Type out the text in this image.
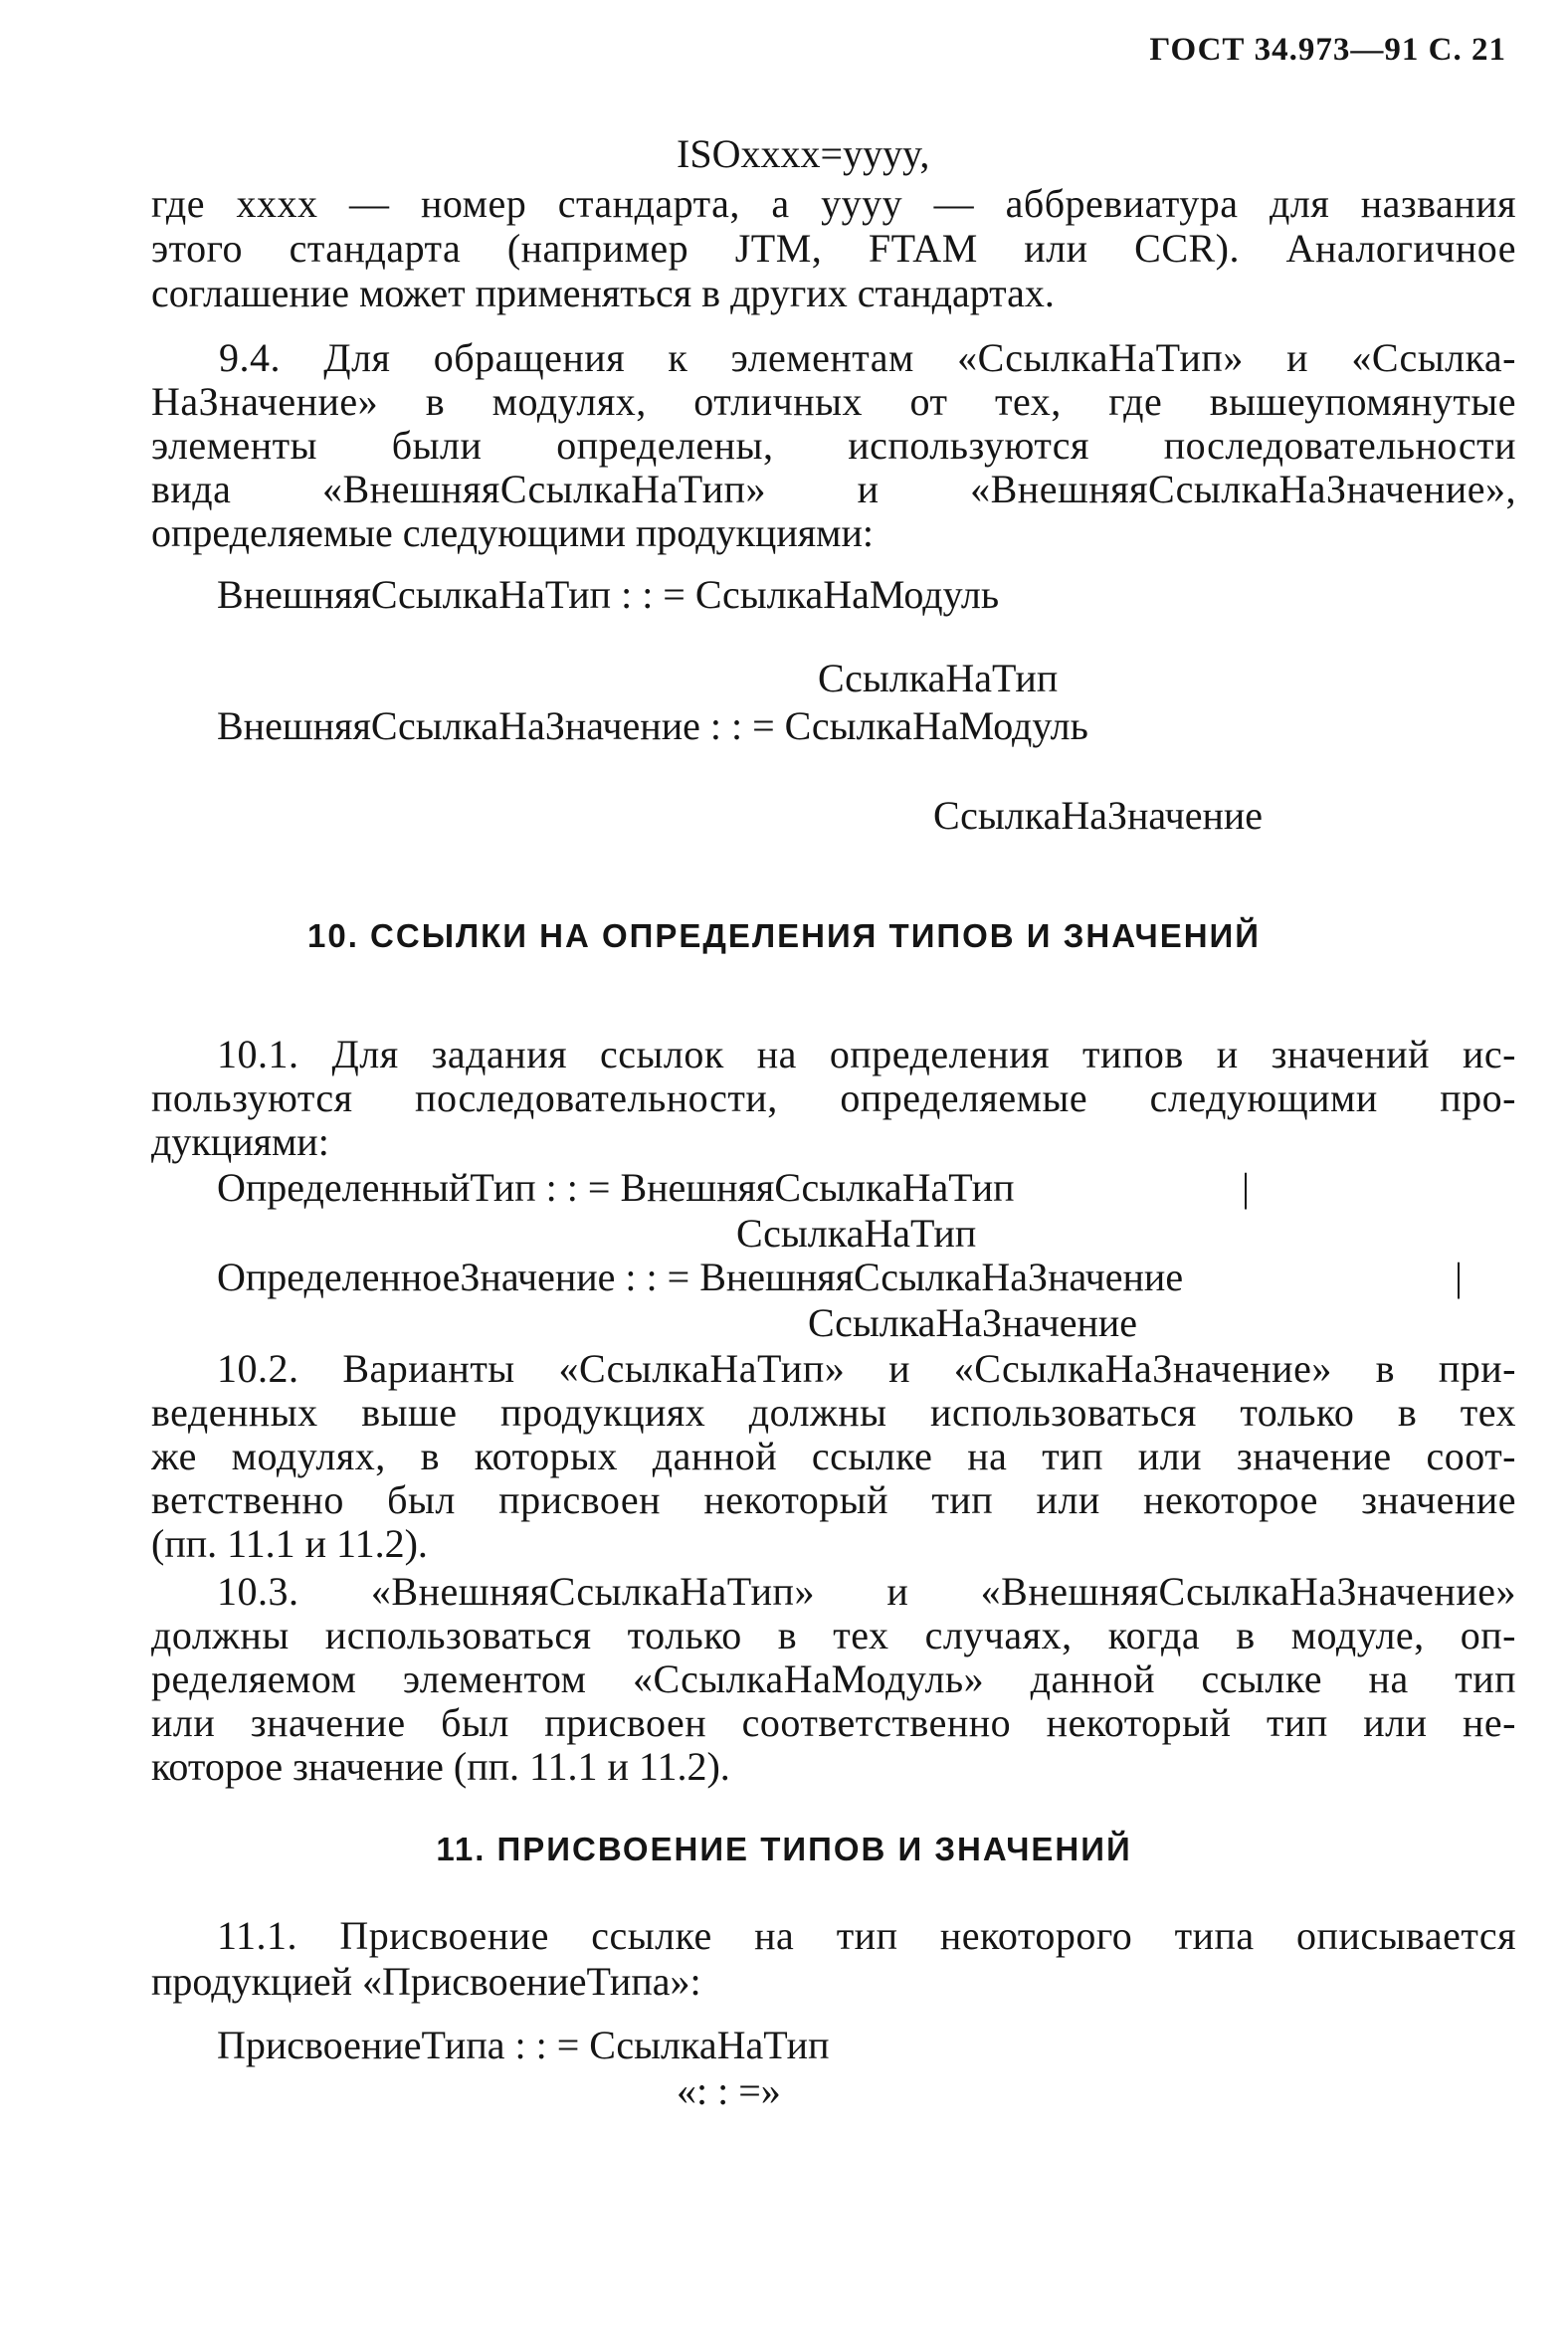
ГОСТ 34.973—91 С. 21
ISOxxxx=yyyy,
где xxxx — номер стандарта, а yyyy — аббревиатура для названия
этого стандарта (например JTM, FTAM или CCR). Аналогичное
соглашение может применяться в других стандартах.
9.4. Для обращения к элементам «СсылкаНаТип» и «Ссылка-
НаЗначение» в модулях, отличных от тех, где вышеупомянутые
элементы были определены, используются последовательности
вида «ВнешняяСсылкаНаТип» и «ВнешняяСсылкаНаЗначение»,
определяемые следующими продукциями:
ВнешняяСсылкаНаТип : : = СсылкаНаМодуль
СсылкаНаТип
ВнешняяСсылкаНаЗначение : : = СсылкаНаМодуль
СсылкаНаЗначение
10. ССЫЛКИ НА ОПРЕДЕЛЕНИЯ ТИПОВ И ЗНАЧЕНИЙ
10.1. Для задания ссылок на определения типов и значений ис-
пользуются последовательности, определяемые следующими про-
дукциями:
ОпределенныйТип : : = ВнешняяСсылкаНаТип	|
СсылкаНаТип
ОпределенноеЗначение : : = ВнешняяСсылкаНаЗначение	|
СсылкаНаЗначение
10.2. Варианты «СсылкаНаТип» и «СсылкаНаЗначение» в при-
веденных выше продукциях должны использоваться только в тех
же модулях, в которых данной ссылке на тип или значение соот-
ветственно был присвоен некоторый тип или некоторое значение
(пп. 11.1 и 11.2).
10.3. «ВнешняяСсылкаНаТип» и «ВнешняяСсылкаНаЗначение»
должны использоваться только в тех случаях, когда в модуле, оп-
ределяемом элементом «СсылкаНаМодуль» данной ссылке на тип
или значение был присвоен соответственно некоторый тип или не-
которое значение (пп. 11.1 и 11.2).
11. ПРИСВОЕНИЕ ТИПОВ И ЗНАЧЕНИЙ
11.1. Присвоение ссылке на тип некоторого типа описывается
продукцией «ПрисвоениеТипа»:
ПрисвоениеТипа : : = СсылкаНаТип
«: : =»
